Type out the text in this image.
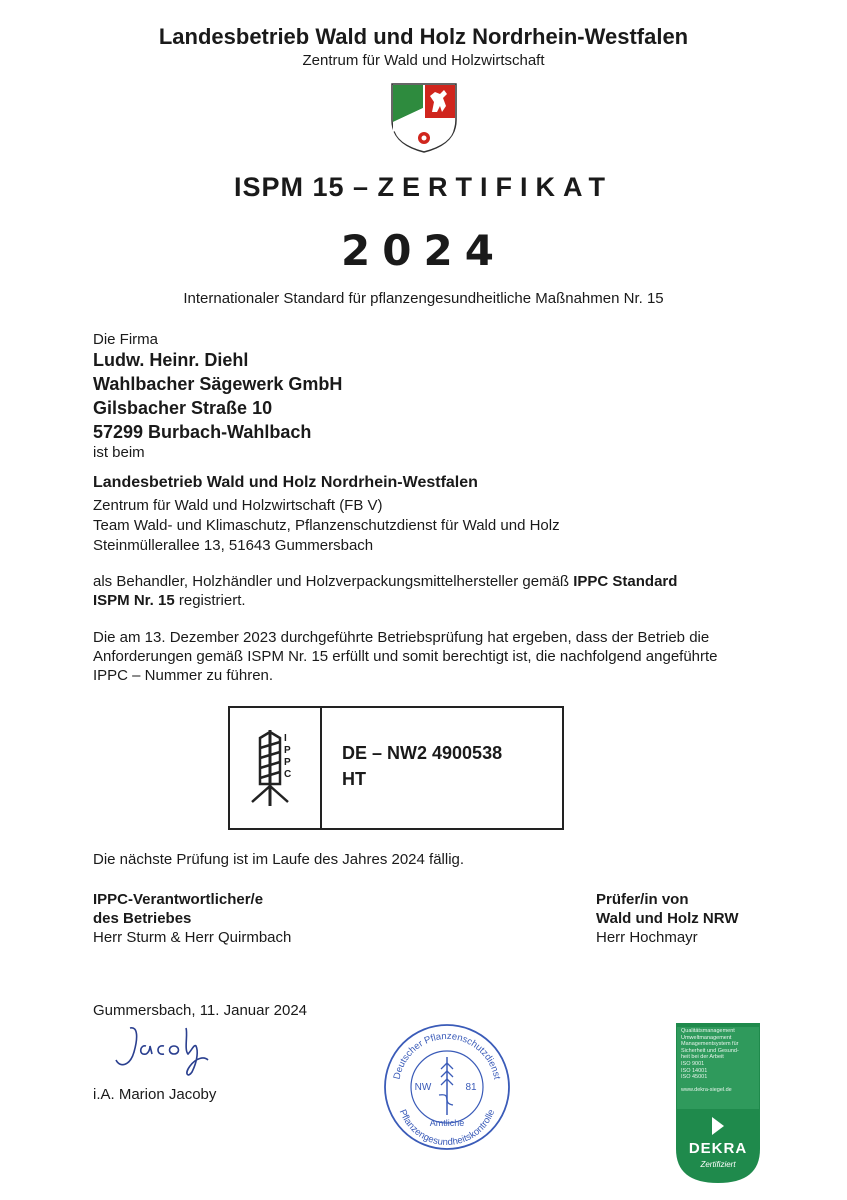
Landesbetrieb Wald und Holz Nordrhein-Westfalen
Zentrum für Wald und Holzwirtschaft
ISPM 15 – ZERTIFIKAT
2024
Internationaler Standard für pflanzengesundheitliche Maßnahmen Nr. 15
Die Firma
Ludw. Heinr. Diehl
Wahlbacher Sägewerk GmbH
Gilsbacher Straße 10
57299 Burbach-Wahlbach
ist beim
Landesbetrieb Wald und Holz Nordrhein-Westfalen
Zentrum für Wald und Holzwirtschaft (FB V)
Team Wald- und Klimaschutz, Pflanzenschutzdienst für Wald und Holz
Steinmüllerallee 13, 51643 Gummersbach
als Behandler, Holzhändler und Holzverpackungsmittelhersteller gemäß IPPC Standard
ISPM Nr. 15 registriert.
Die am 13. Dezember 2023 durchgeführte Betriebsprüfung hat ergeben, dass der Betrieb die
Anforderungen gemäß ISPM Nr. 15 erfüllt und somit berechtigt ist, die nachfolgend angeführte
IPPC – Nummer zu führen.
I
P
P
C
DE – NW2 4900538
HT
Die nächste Prüfung ist im Laufe des Jahres 2024 fällig.
IPPC-Verantwortlicher/e
des Betriebes
Herr Sturm & Herr Quirmbach
Prüfer/in von
Wald und Holz NRW
Herr Hochmayr
Gummersbach, 11. Januar 2024
i.A. Marion Jacoby
Deutscher Pflanzenschutzdienst
Pflanzengesundheitskontrolle
NW	81
Amtliche
Qualitätsmanagement
Umweltmanagement
Managementsystem für
Sicherheit und Gesund-
heit bei der Arbeit
ISO 9001
ISO 14001
ISO 45001
www.dekra-siegel.de
DEKRA
Zertifiziert
